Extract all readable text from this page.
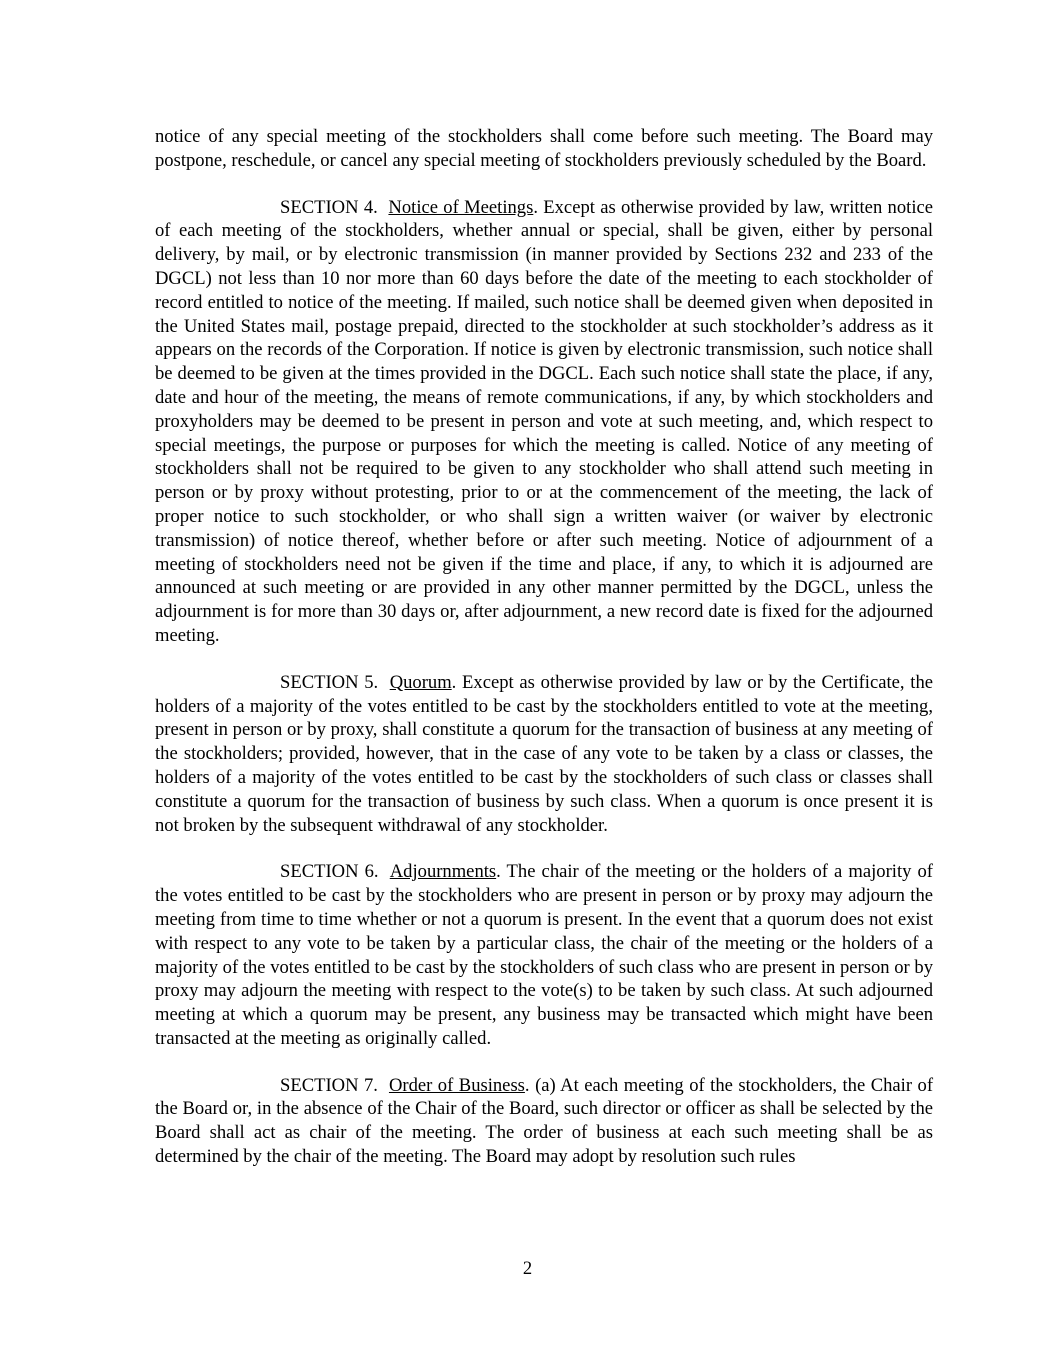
notice of any special meeting of the stockholders shall come before such meeting. The Board may postpone, reschedule, or cancel any special meeting of stockholders previously scheduled by the Board.

SECTION 4. Notice of Meetings. Except as otherwise provided by law, written notice of each meeting of the stockholders, whether annual or special, shall be given, either by personal delivery, by mail, or by electronic transmission (in manner provided by Sections 232 and 233 of the DGCL) not less than 10 nor more than 60 days before the date of the meeting to each stockholder of record entitled to notice of the meeting. If mailed, such notice shall be deemed given when deposited in the United States mail, postage prepaid, directed to the stockholder at such stockholder’s address as it appears on the records of the Corporation. If notice is given by electronic transmission, such notice shall be deemed to be given at the times provided in the DGCL. Each such notice shall state the place, if any, date and hour of the meeting, the means of remote communications, if any, by which stockholders and proxyholders may be deemed to be present in person and vote at such meeting, and, which respect to special meetings, the purpose or purposes for which the meeting is called. Notice of any meeting of stockholders shall not be required to be given to any stockholder who shall attend such meeting in person or by proxy without protesting, prior to or at the commencement of the meeting, the lack of proper notice to such stockholder, or who shall sign a written waiver (or waiver by electronic transmission) of notice thereof, whether before or after such meeting. Notice of adjournment of a meeting of stockholders need not be given if the time and place, if any, to which it is adjourned are announced at such meeting or are provided in any other manner permitted by the DGCL, unless the adjournment is for more than 30 days or, after adjournment, a new record date is fixed for the adjourned meeting.

SECTION 5. Quorum. Except as otherwise provided by law or by the Certificate, the holders of a majority of the votes entitled to be cast by the stockholders entitled to vote at the meeting, present in person or by proxy, shall constitute a quorum for the transaction of business at any meeting of the stockholders; provided, however, that in the case of any vote to be taken by a class or classes, the holders of a majority of the votes entitled to be cast by the stockholders of such class or classes shall constitute a quorum for the transaction of business by such class. When a quorum is once present it is not broken by the subsequent withdrawal of any stockholder.

SECTION 6. Adjournments. The chair of the meeting or the holders of a majority of the votes entitled to be cast by the stockholders who are present in person or by proxy may adjourn the meeting from time to time whether or not a quorum is present. In the event that a quorum does not exist with respect to any vote to be taken by a particular class, the chair of the meeting or the holders of a majority of the votes entitled to be cast by the stockholders of such class who are present in person or by proxy may adjourn the meeting with respect to the vote(s) to be taken by such class. At such adjourned meeting at which a quorum may be present, any business may be transacted which might have been transacted at the meeting as originally called.

SECTION 7. Order of Business. (a) At each meeting of the stockholders, the Chair of the Board or, in the absence of the Chair of the Board, such director or officer as shall be selected by the Board shall act as chair of the meeting. The order of business at each such meeting shall be as determined by the chair of the meeting. The Board may adopt by resolution such rules

2
